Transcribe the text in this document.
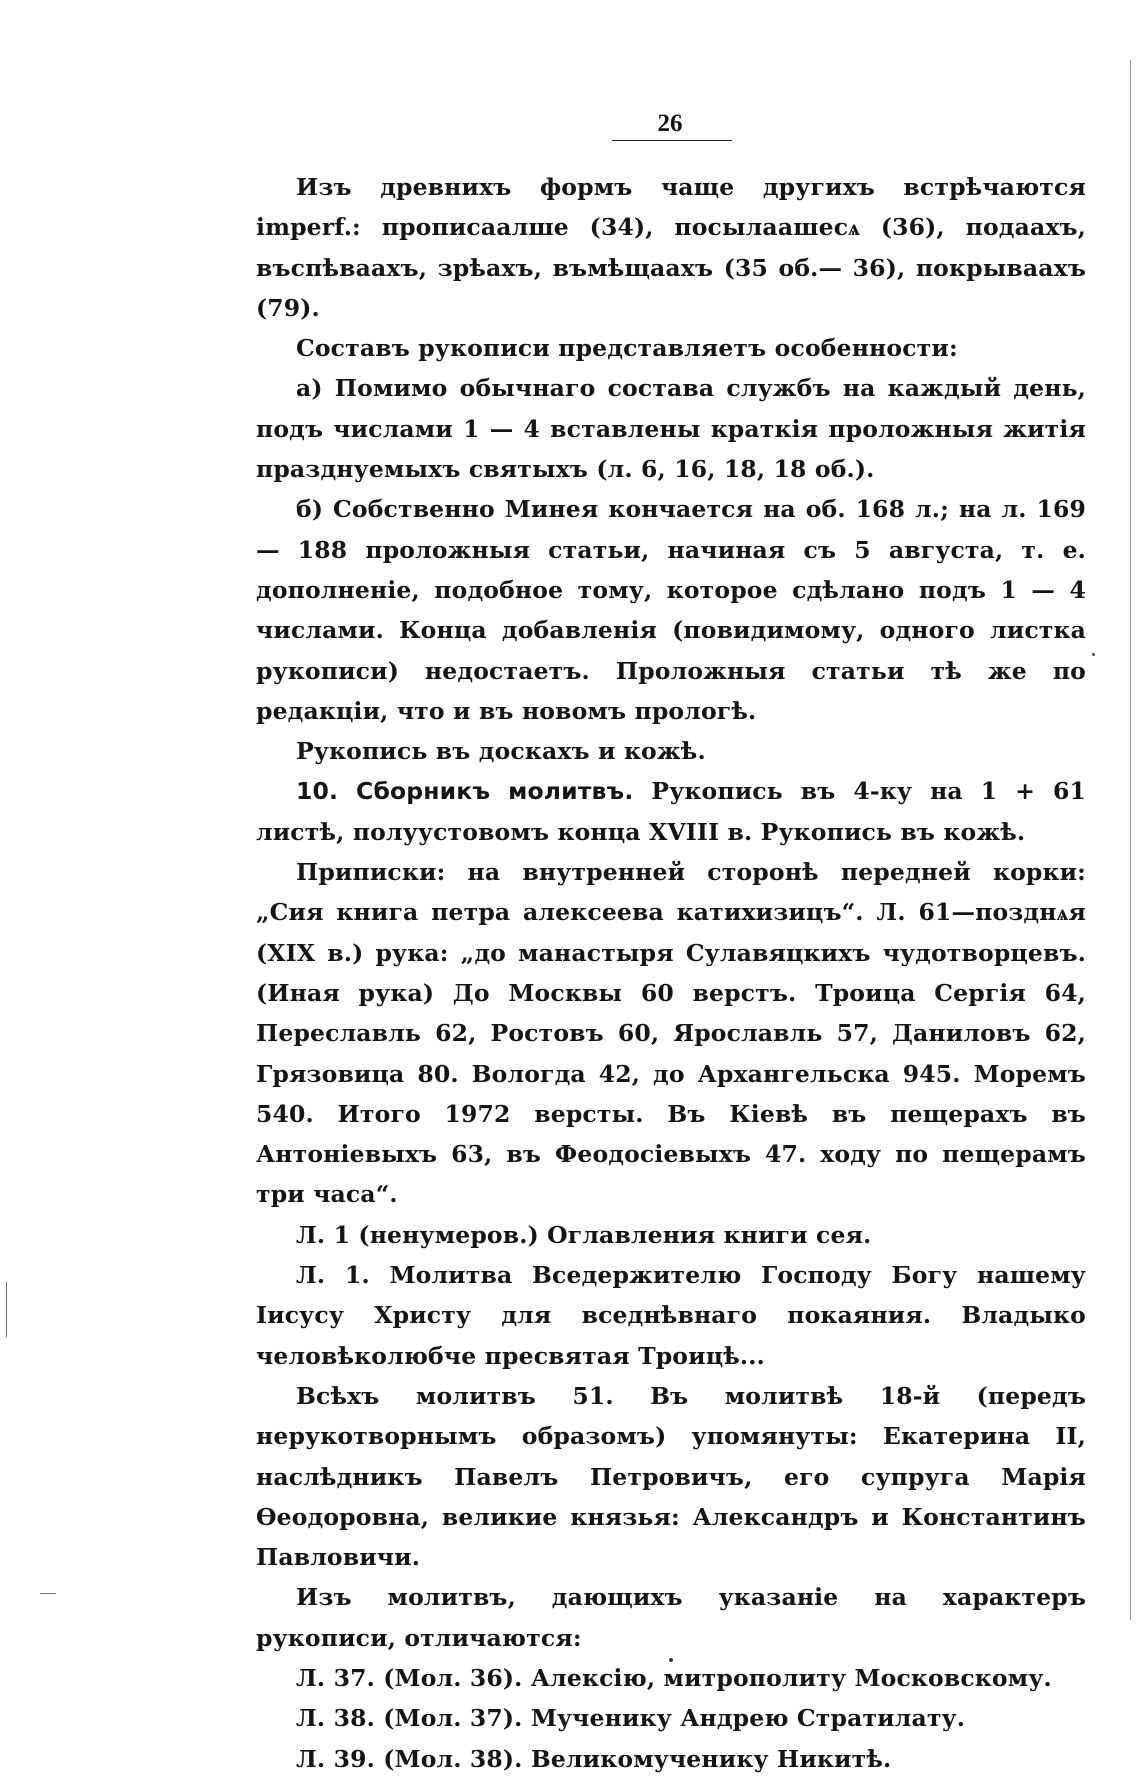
26

Изъ древнихъ формъ чаще другихъ встрѣчаются imperf.: прописаалше (34), посылаашесѧ (36), подаахъ, въспѣваахъ, зрѣахъ, въмѣщаахъ (35 об.— 36), покрываахъ (79).

Составъ рукописи представляетъ особенности:

а) Помимо обычнаго состава службъ на каждый день, подъ числами 1 — 4 вставлены краткія проложныя житія празднуемыхъ святыхъ (л. 6, 16, 18, 18 об.).

б) Собственно Минея кончается на об. 168 л.; на л. 169 — 188 проложныя статьи, начиная съ 5 августа, т. е. дополненіе, подобное тому, которое сдѣлано подъ 1 — 4 числами. Конца добавленія (повидимому, одного листка рукописи) недостаетъ. Проложныя статьи тѣ же по редакціи, что и въ новомъ прологѣ.

Рукопись въ доскахъ и кожѣ.

10. Сборникъ молитвъ. Рукопись въ 4-ку на 1 + 61 листѣ, полуустовомъ конца XVIII в. Рукопись въ кожѣ.

Приписки: на внутренней сторонѣ передней корки: „Сия книга петра алексеева катихизицъ“. Л. 61—позднѧя (XIX в.) рука: „до манастыря Сулавяцкихъ чудотворцевъ. (Иная рука) До Москвы 60 верстъ. Троица Сергія 64, Переславль 62, Ростовъ 60, Ярославль 57, Даниловъ 62, Грязовица 80. Вологда 42, до Архангельска 945. Моремъ 540. Итого 1972 версты. Въ Кіевѣ въ пещерахъ въ Антоніевыхъ 63, въ Феодосіевыхъ 47. ходу по пещерамъ три часа“.

Л. 1 (ненумеров.) Оглавления книги сея.

Л. 1. Молитва Вседержителю Господу Богу нашему Іисусу Христу для вседнѣвнаго покаяния. Владыко человѣколюбче пресвятая Троицѣ...

Всѣхъ молитвъ 51. Въ молитвѣ 18-й (передъ нерукотворнымъ образомъ) упомянуты: Екатерина II, наслѣдникъ Павелъ Петровичъ, его супруга Марія Ѳеодоровна, великие князья: Александръ и Константинъ Павловичи.

Изъ молитвъ, дающихъ указаніе на характеръ рукописи, отличаются:

Л. 37. (Мол. 36). Алексію, митрополиту Московскому.

Л. 38. (Мол. 37). Мученику Андрею Стратилату.

Л. 39. (Мол. 38). Великомученику Никитѣ.
